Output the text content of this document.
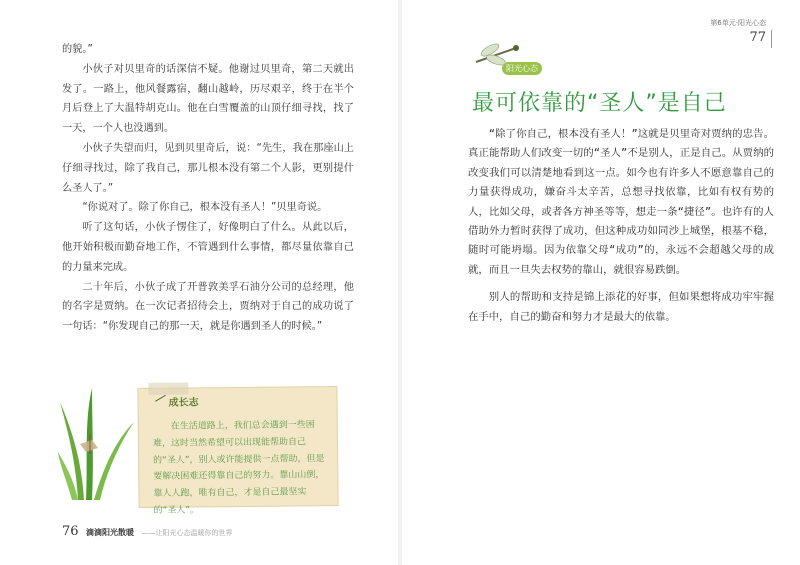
的貌。”

小伙子对贝里奇的话深信不疑。他谢过贝里奇，第二天就出发了。一路上，他风餐露宿，翻山越岭，历尽艰辛，终于在半个月后登上了大温特胡克山。他在白雪覆盖的山顶仔细寻找，找了一天，一个人也没遇到。

小伙子失望而归，见到贝里奇后，说：“先生，我在那座山上仔细寻找过，除了我自己，那儿根本没有第二个人影，更别提什么圣人了。”

“你说对了。除了你自己，根本没有圣人！”贝里奇说。

听了这句话，小伙子愣住了，好像明白了什么。从此以后，他开始积极而勤奋地工作，不管遇到什么事情，都尽量依靠自己的力量来完成。

二十年后，小伙子成了开普敦美孚石油分公司的总经理，他的名字是贾纳。在一次记者招待会上，贾纳对于自己的成功说了一句话：“你发现自己的那一天，就是你遇到圣人的时候。”

成长志
在生活道路上，我们总会遇到一些困难，这时当然希望可以出现能帮助自己的“圣人”，别人或许能提供一点帮助，但是要解决困难还得靠自己的努力。靠山山倒，靠人人跑，唯有自己，才是自己最坚实的“圣人”。
76 滴滴阳光散暖 ——让阳光心态温暖你的世界
第6单元·阳光心态
77
阳光心态
最可依靠的“圣人”是自己

“除了你自己，根本没有圣人！”这就是贝里奇对贾纳的忠告。真正能帮助人们改变一切的“圣人”不是别人，正是自己。从贾纳的改变我们可以清楚地看到这一点。如今也有许多人不愿意靠自己的力量获得成功，嫌奋斗太辛苦，总想寻找依靠，比如有权有势的人，比如父母，或者各方神圣等等，想走一条“捷径”。也许有的人借助外力暂时获得了成功，但这种成功如同沙上城堡，根基不稳，随时可能坍塌。因为依靠父母“成功”的，永远不会超越父母的成就，而且一旦失去权势的靠山，就很容易跌倒。

别人的帮助和支持是锦上添花的好事，但如果想将成功牢牢握在手中，自己的勤奋和努力才是最大的依靠。
